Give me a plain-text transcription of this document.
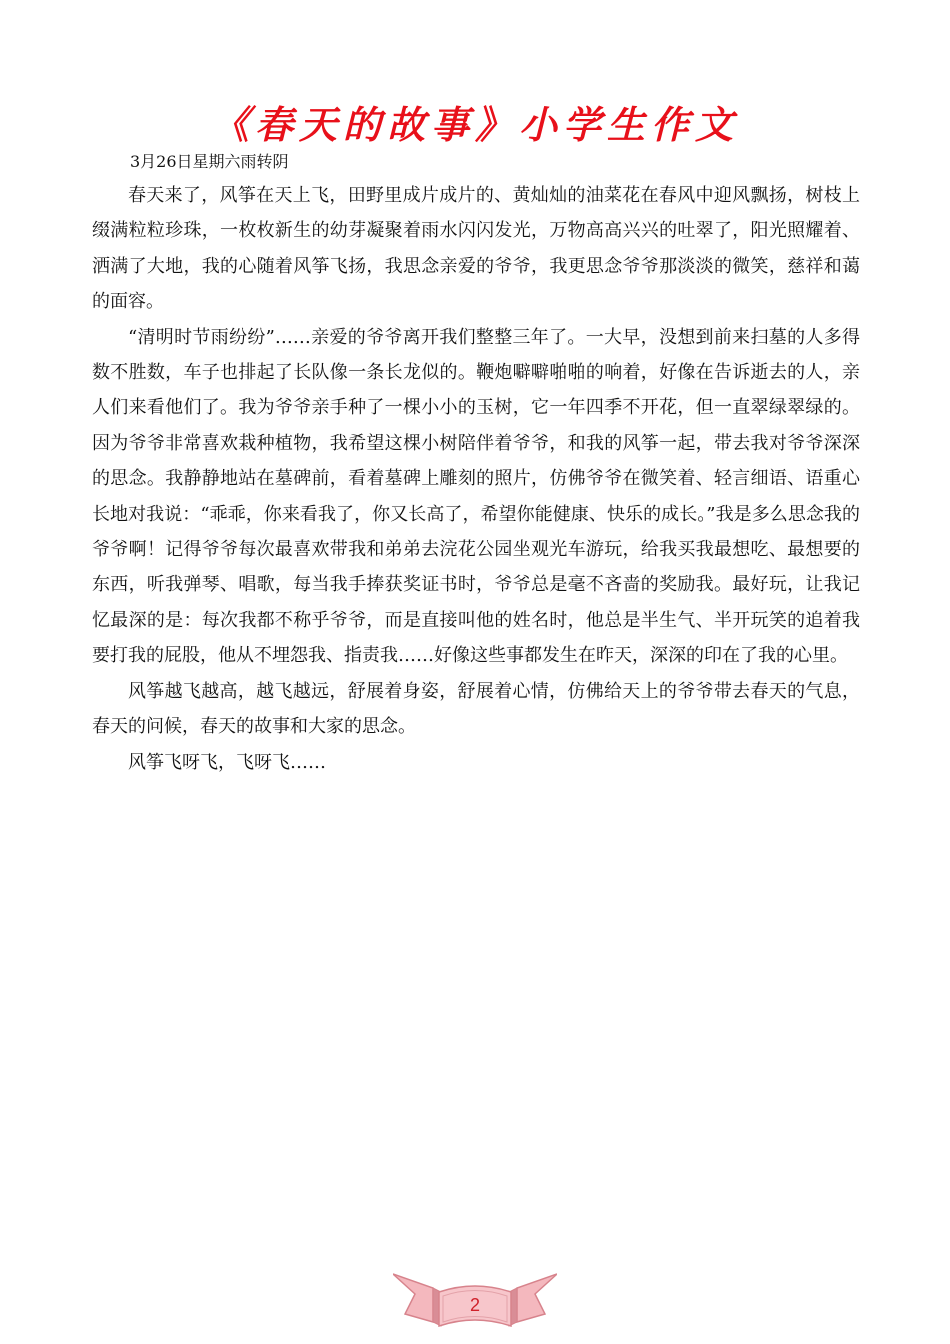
《春天的故事》小学生作文
3月26日星期六雨转阴

春天来了，风筝在天上飞，田野里成片成片的、黄灿灿的油菜花在春风中迎风飘扬，树枝上缀满粒粒珍珠，一枚枚新生的幼芽凝聚着雨水闪闪发光，万物高高兴兴的吐翠了，阳光照耀着、洒满了大地，我的心随着风筝飞扬，我思念亲爱的爷爷，我更思念爷爷那淡淡的微笑，慈祥和蔼的面容。

“清明时节雨纷纷”……亲爱的爷爷离开我们整整三年了。一大早，没想到前来扫墓的人多得数不胜数，车子也排起了长队像一条长龙似的。鞭炮噼噼啪啪的响着，好像在告诉逝去的人，亲人们来看他们了。我为爷爷亲手种了一棵小小的玉树，它一年四季不开花，但一直翠绿翠绿的。因为爷爷非常喜欢栽种植物，我希望这棵小树陪伴着爷爷，和我的风筝一起，带去我对爷爷深深的思念。我静静地站在墓碑前，看着墓碑上雕刻的照片，仿佛爷爷在微笑着、轻言细语、语重心长地对我说：“乖乖，你来看我了，你又长高了，希望你能健康、快乐的成长。”我是多么思念我的爷爷啊！记得爷爷每次最喜欢带我和弟弟去浣花公园坐观光车游玩，给我买我最想吃、最想要的东西，听我弹琴、唱歌，每当我手捧获奖证书时，爷爷总是毫不吝啬的奖励我。最好玩，让我记忆最深的是：每次我都不称乎爷爷，而是直接叫他的姓名时，他总是半生气、半开玩笑的追着我要打我的屁股，他从不埋怨我、指责我……好像这些事都发生在昨天，深深的印在了我的心里。

风筝越飞越高，越飞越远，舒展着身姿，舒展着心情，仿佛给天上的爷爷带去春天的气息，春天的问候，春天的故事和大家的思念。

风筝飞呀飞，飞呀飞……

2
